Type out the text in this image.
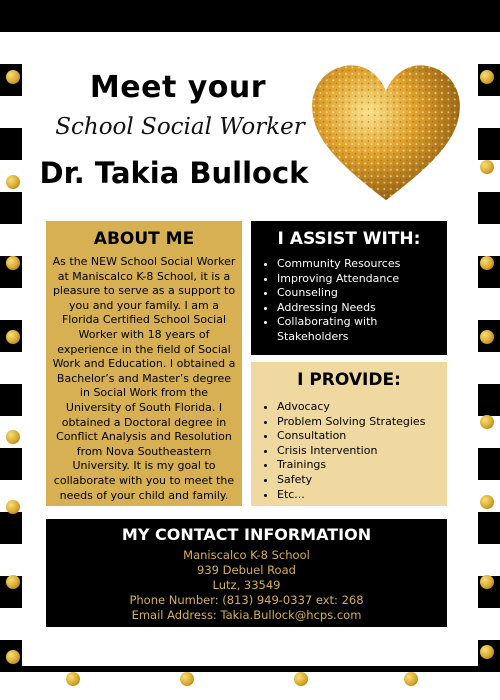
Meet your
School Social Worker
Dr. Takia Bullock
ABOUT ME

As the NEW School Social Worker at Maniscalco K-8 School, it is a pleasure to serve as a support to you and your family. I am a Florida Certified School Social Worker with 18 years of experience in the field of Social Work and Education. I obtained a Bachelor’s and Master’s degree in Social Work from the University of South Florida. I obtained a Doctoral degree in Conflict Analysis and Resolution from Nova Southeastern University. It is my goal to collaborate with you to meet the needs of your child and family.

I ASSIST WITH:
• Community Resources
• Improving Attendance
• Counseling
• Addressing Needs
• Collaborating with Stakeholders
I PROVIDE:
• Advocacy
• Problem Solving Strategies
• Consultation
• Crisis Intervention
• Trainings
• Safety
• Etc...
MY CONTACT INFORMATION
Maniscalco K-8 School
939 Debuel Road
Lutz, 33549
Phone Number: (813) 949-0337 ext: 268
Email Address: Takia.Bullock@hcps.com
